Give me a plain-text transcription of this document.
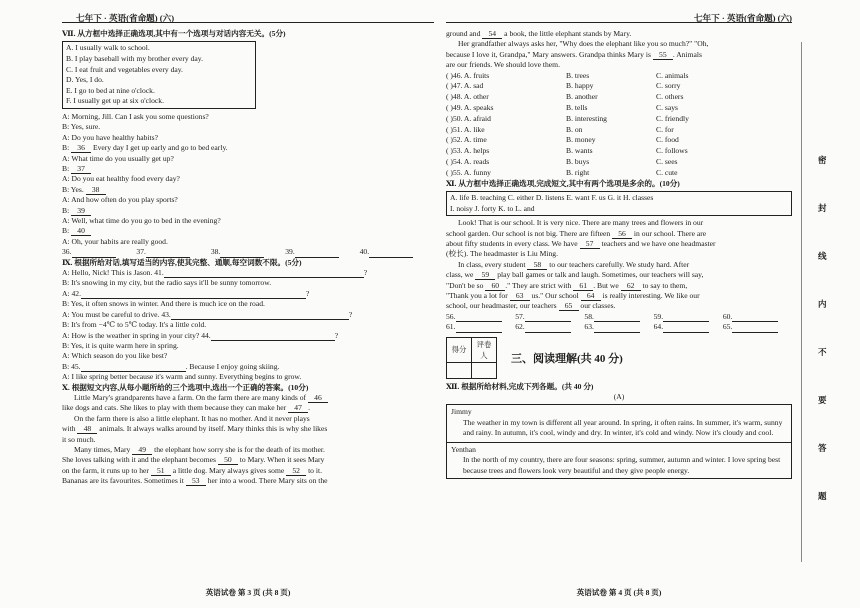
七年下 · 英语(省命题) (六)
Ⅶ. 从方框中选择正确选项,其中有一个选项与对话内容无关。(5分)
A. I usually walk to school.
B. I play baseball with my brother every day.
C. I eat fruit and vegetables every day.
D. Yes, I do.
E. I go to bed at nine o'clock.
F. I usually get up at six o'clock.
A: Morning, Jill. Can I ask you some questions?
B: Yes, sure.
A: Do you have healthy habits?
B: 36 Every day I get up early and go to bed early.
A: What time do you usually get up?
B: 37
A: Do you eat healthy food every day?
B: Yes. 38
A: And how often do you play sports?
B: 39
A: Well, what time do you go to bed in the evening?
B: 40
A: Oh, your habits are really good.
36.	37.	38.	39.	40.
Ⅸ. 根据所给对话,填写适当的内容,使其完整、通顺,每空词数不限。(5分)
A: Hello, Nick! This is Jason. 41.	?
B: It's snowing in my city, but the radio says it'll be sunny tomorrow.
A: 42.	?
B: Yes, it often snows in winter. And there is much ice on the road.
A: You must be careful to drive. 43.	?
B: It's from −4℃ to 5℃ today. It's a little cold.
A: How is the weather in spring in your city? 44.	?
B: Yes, it is quite warm here in spring.
A: Which season do you like best?
B: 45.	. Because I enjoy going skiing.
A: I like spring better because it's warm and sunny. Everything begins to grow.
Ⅹ. 根据短文内容,从每小题所给的三个选项中,选出一个正确的答案。(10分)
Little Mary's grandparents have a farm. On the farm there are many kinds of 46
like dogs and cats. She likes to play with them because they can make her 47 .
On the farm there is also a little elephant. It has no mother. And it never plays
with 48 animals. It always walks around by itself. Mary thinks this is why she likes
it so much.
Many times, Mary 49 the elephant how sorry she is for the death of its mother.
She loves talking with it and the elephant becomes 50 to Mary. When it sees Mary
on the farm, it runs up to her 51 a little dog. Mary always gives some 52 to it.
Bananas are its favourites. Sometimes it 53 her into a wood. There Mary sits on the
英语试卷 第 3 页 (共 8 页)
七年下 · 英语(省命题) (六)
ground and 54 a book, the little elephant stands by Mary.
Her grandfather always asks her, "Why does the elephant like you so much?" "Oh,
because I love it, Grandpa," Mary answers. Grandpa thinks Mary is 55 . Animals
are our friends. We should love them.
( )46. A. fruits	B. trees	C. animals
( )47. A. sad	B. happy	C. sorry
( )48. A. other	B. another	C. others
( )49. A. speaks	B. tells	C. says
( )50. A. afraid	B. interesting	C. friendly
( )51. A. like	B. on	C. for
( )52. A. time	B. money	C. food
( )53. A. helps	B. wants	C. follows
( )54. A. reads	B. buys	C. sees
( )55. A. funny	B. right	C. cute
Ⅺ. 从方框中选择正确选项,完成短文,其中有两个选项是多余的。(10分)
A. life B. teaching C. either D. listens E. want F. us G. it H. classes
I. noisy J. forty K. to L. and
Look! That is our school. It is very nice. There are many trees and flowers in our
school garden. Our school is not big. There are fifteen 56 in our school. There are
about fifty students in every class. We have 57 teachers and we have one headmaster
(校长). The headmaster is Liu Ming.
In class, every student 58 to our teachers carefully. We study hard. After
class, we 59 play ball games or talk and laugh. Sometimes, our teachers will say,
"Don't be so 60 ." They are strict with 61 . But we 62 to say to them,
"Thank you a lot for 63 us." Our school 64 is really interesting. We like our
school, our headmaster, our teachers 65 our classes.
56.	57.	58.	59.	60.
61.	62.	63.	64.	65.
得分	评卷人
	三、阅读理解(共 40 分)
Ⅻ. 根据所给材料,完成下列各题。(共 40 分)
(A)
Jimmy
The weather in my town is different all year around. In spring, it often rains. In summer, it's warm, sunny and rainy. In autumn, it's cool, windy and dry. In winter, it's cold and windy. Now it's cloudy and cool.
Yenthan
In the north of my country, there are four seasons: spring, summer, autumn and winter. I love spring best because trees and flowers look very beautiful and they give people energy.
英语试卷 第 4 页 (共 8 页)
密
封
线
内
不
要
答
题
